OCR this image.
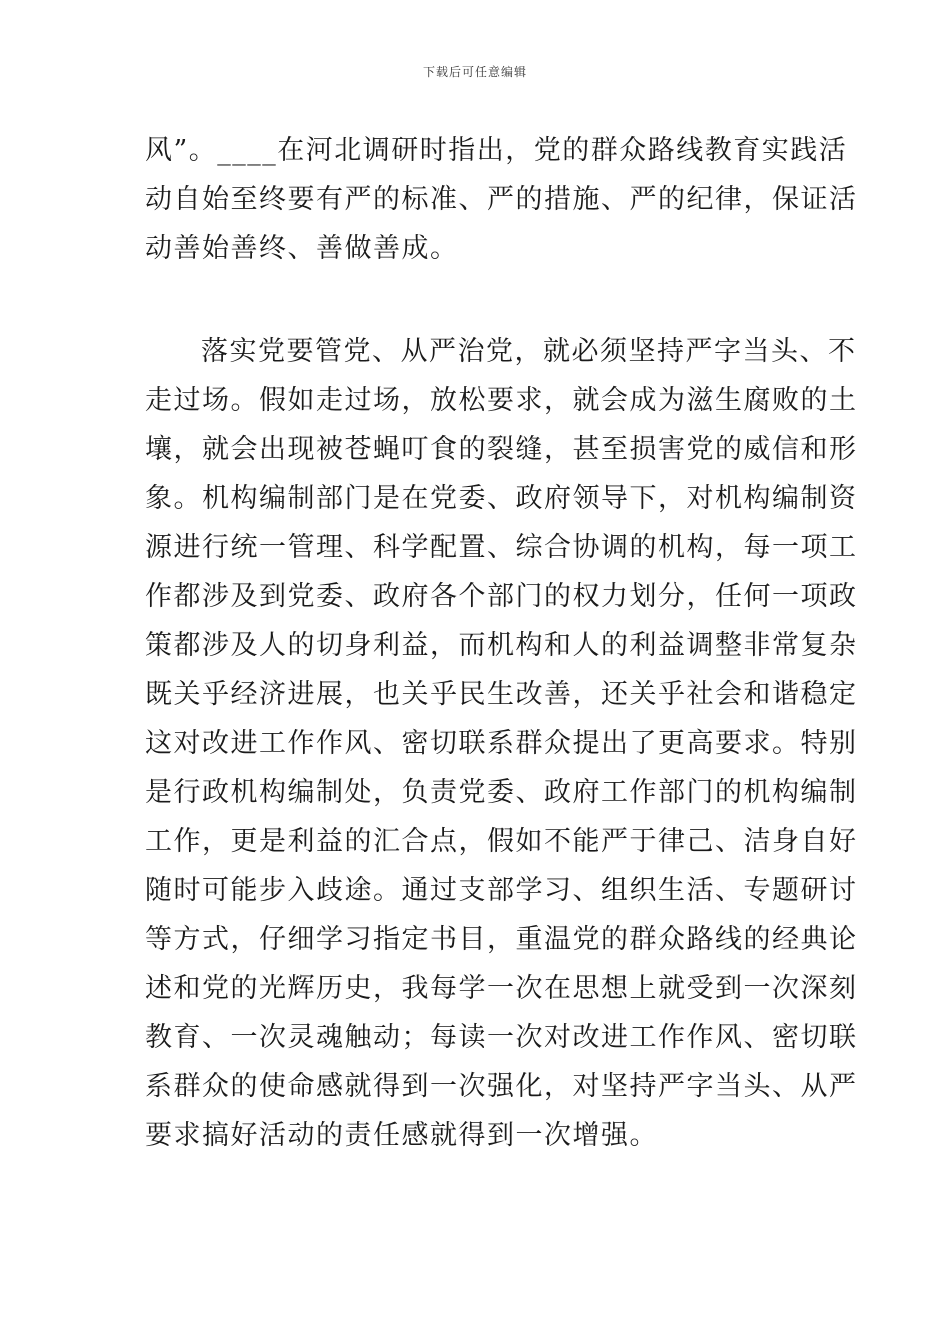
下载后可任意编辑
风”。____在河北调研时指出，党的群众路线教育实践活
动自始至终要有严的标准、严的措施、严的纪律，保证活
动善始善终、善做善成。
落实党要管党、从严治党，就必须坚持严字当头、不
走过场。假如走过场，放松要求，就会成为滋生腐败的土
壤，就会出现被苍蝇叮食的裂缝，甚至损害党的威信和形
象。机构编制部门是在党委、政府领导下，对机构编制资
源进行统一管理、科学配置、综合协调的机构，每一项工
作都涉及到党委、政府各个部门的权力划分，任何一项政
策都涉及人的切身利益，而机构和人的利益调整非常复杂
既关乎经济进展，也关乎民生改善，还关乎社会和谐稳定
这对改进工作作风、密切联系群众提出了更高要求。特别
是行政机构编制处，负责党委、政府工作部门的机构编制
工作，更是利益的汇合点，假如不能严于律己、洁身自好
随时可能步入歧途。通过支部学习、组织生活、专题研讨
等方式，仔细学习指定书目，重温党的群众路线的经典论
述和党的光辉历史，我每学一次在思想上就受到一次深刻
教育、一次灵魂触动；每读一次对改进工作作风、密切联
系群众的使命感就得到一次强化，对坚持严字当头、从严
要求搞好活动的责任感就得到一次增强。
